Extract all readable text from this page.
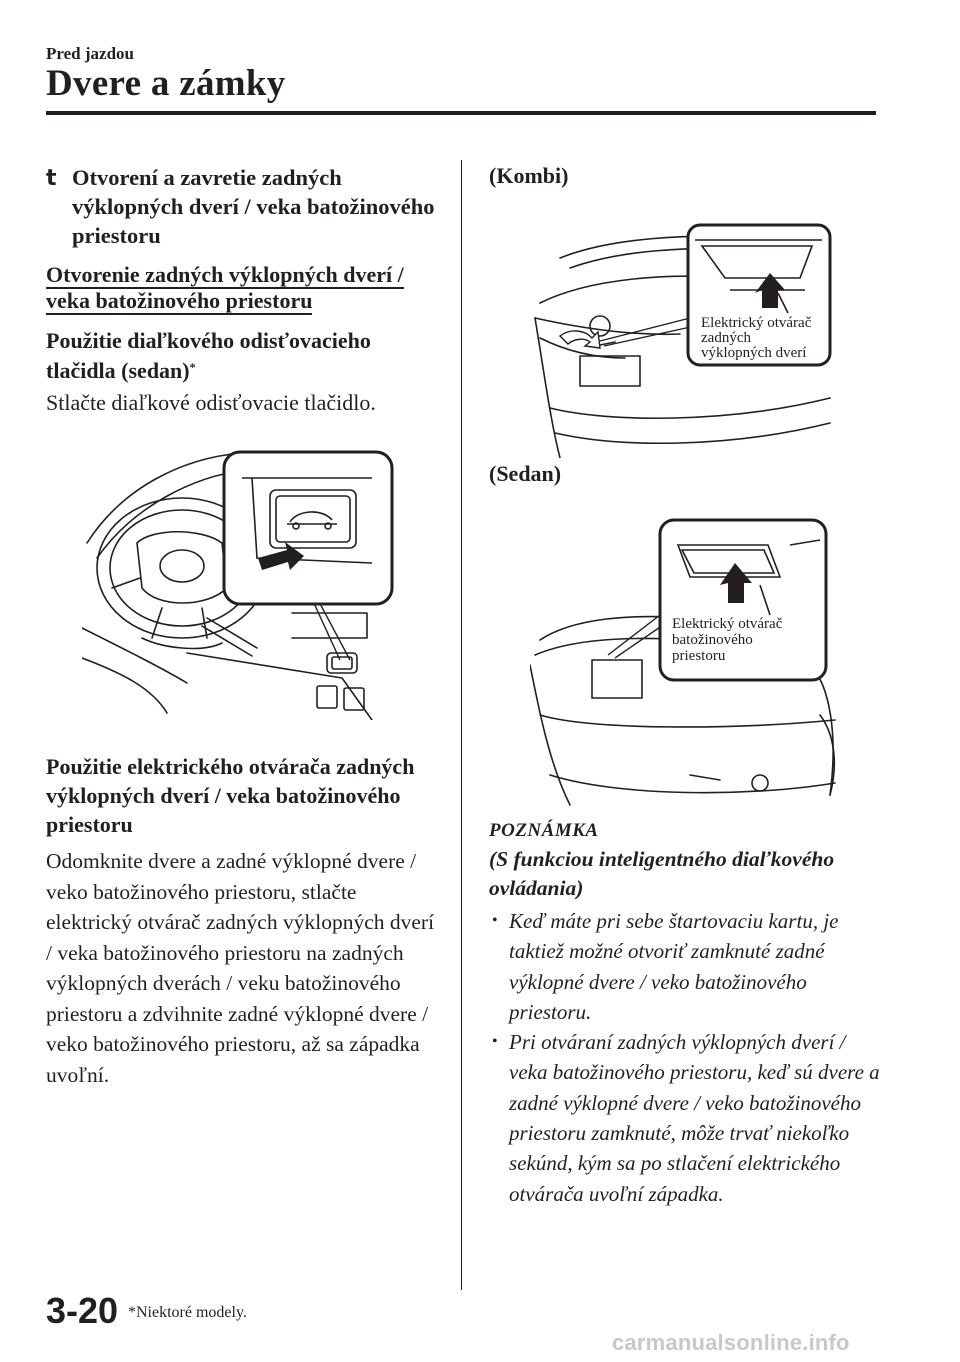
Pred jazdou
Dvere a zámky
t Otvorení a zavretie zadných výklopných dverí / veka batožinového priestoru
Otvorenie zadných výklopných dverí / veka batožinového priestoru
Použitie diaľkového odisťovacieho tlačidla (sedan)*
Stlačte diaľkové odisťovacie tlačidlo.
Použitie elektrického otvárača zadných výklopných dverí / veka batožinového priestoru
Odomknite dvere a zadné výklopné dvere / veko batožinového priestoru, stlačte elektrický otvárač zadných výklopných dverí / veka batožinového priestoru na zadných výklopných dverách / veku batožinového priestoru a zdvihnite zadné výklopné dvere / veko batožinového priestoru, až sa západka uvoľní.
(Kombi)
Elektrický otvárač zadných výklopných dverí
(Sedan)
Elektrický otvárač batožinového priestoru
POZNÁMKA
(S funkciou inteligentného diaľkového ovládania)
• Keď máte pri sebe štartovaciu kartu, je taktiež možné otvoriť zamknuté zadné výklopné dvere / veko batožinového priestoru.
• Pri otváraní zadných výklopných dverí / veka batožinového priestoru, keď sú dvere a zadné výklopné dvere / veko batožinového priestoru zamknuté, môže trvať niekoľko sekúnd, kým sa po stlačení elektrického otvárača uvoľní západka.
3-20 *Niektoré modely.
carmanualsonline.info
